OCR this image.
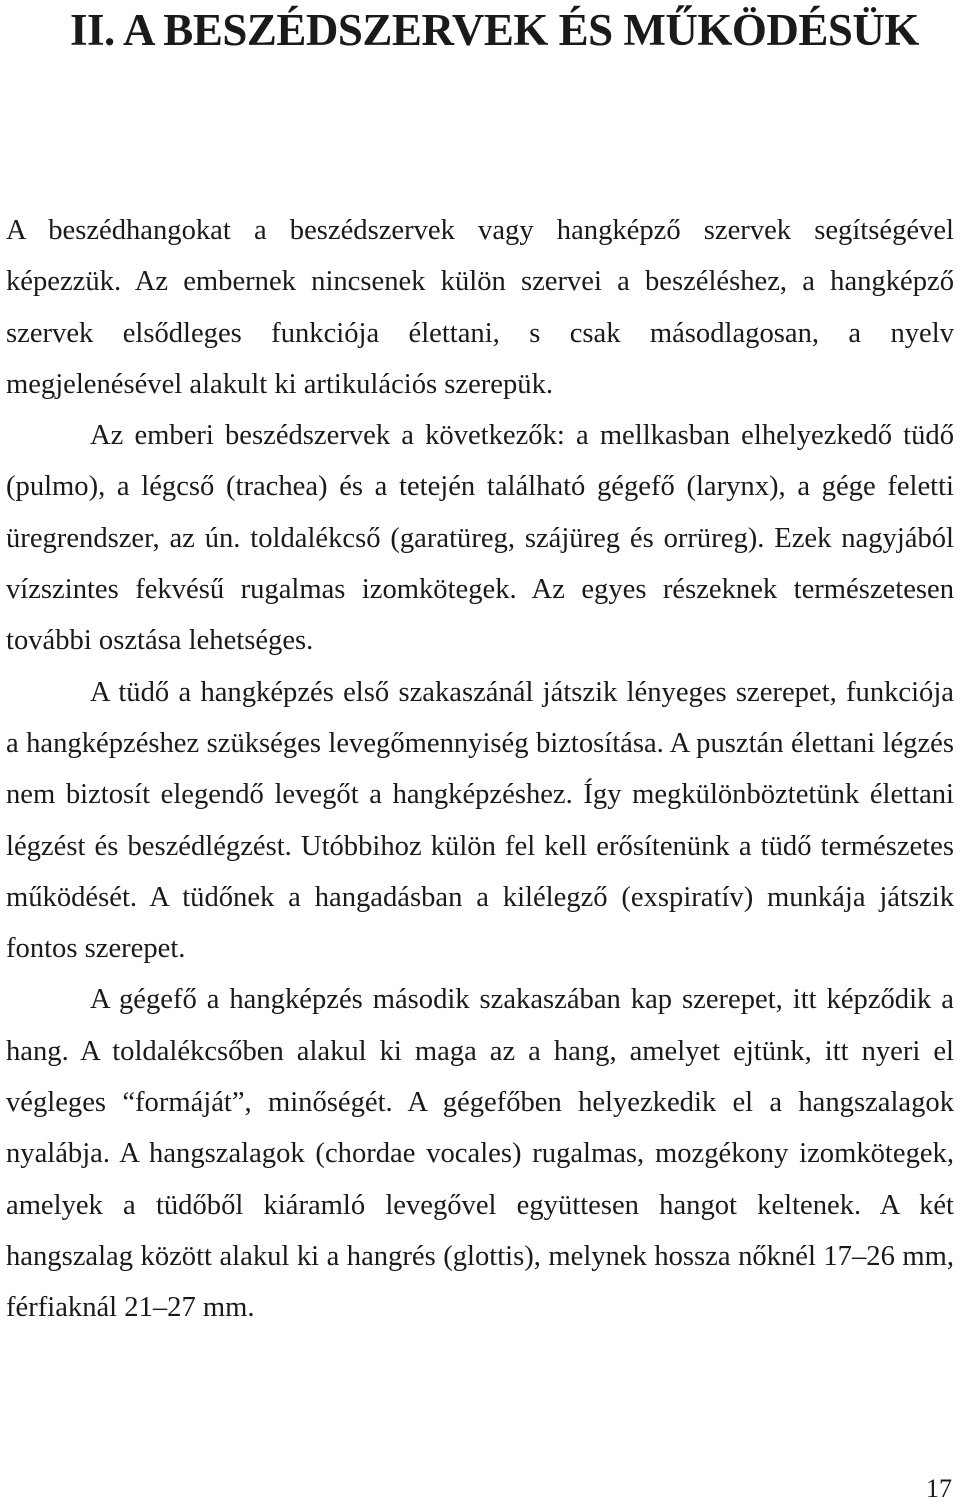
II. A BESZÉDSZERVEK ÉS MŰKÖDÉSÜK

A beszédhangokat a beszédszervek vagy hangképző szervek segítségével képezzük. Az embernek nincsenek külön szervei a beszéléshez, a hangképző szervek elsődleges funkciója élettani, s csak másodlagosan, a nyelv megjelenésével alakult ki artikulációs szerepük.

Az emberi beszédszervek a következők: a mellkasban elhelyezkedő tüdő (pulmo), a légcső (trachea) és a tetején található gégefő (larynx), a gége feletti üregrendszer, az ún. toldalékcső (garatüreg, szájüreg és orrüreg). Ezek nagyjából vízszintes fekvésű rugalmas izomkötegek. Az egyes részeknek természetesen további osztása lehetséges.

A tüdő a hangképzés első szakaszánál játszik lényeges szerepet, funkciója a hangképzéshez szükséges levegőmennyiség biztosítása. A pusztán élettani légzés nem biztosít elegendő levegőt a hangképzéshez. Így megkülönböztetünk élettani légzést és beszédlégzést. Utóbbihoz külön fel kell erősítenünk a tüdő természetes működését. A tüdőnek a hangadásban a kilélegző (exspiratív) munkája játszik fontos szerepet.

A gégefő a hangképzés második szakaszában kap szerepet, itt képződik a hang. A toldalékcsőben alakul ki maga az a hang, amelyet ejtünk, itt nyeri el végleges “formáját”, minőségét. A gégefőben helyezkedik el a hangszalagok nyalábja. A hangszalagok (chordae vocales) rugalmas, mozgékony izomkötegek, amelyek a tüdőből kiáramló levegővel együttesen hangot keltenek. A két hangszalag között alakul ki a hangrés (glottis), melynek hossza nőknél 17–26 mm, férfiaknál 21–27 mm.

17
